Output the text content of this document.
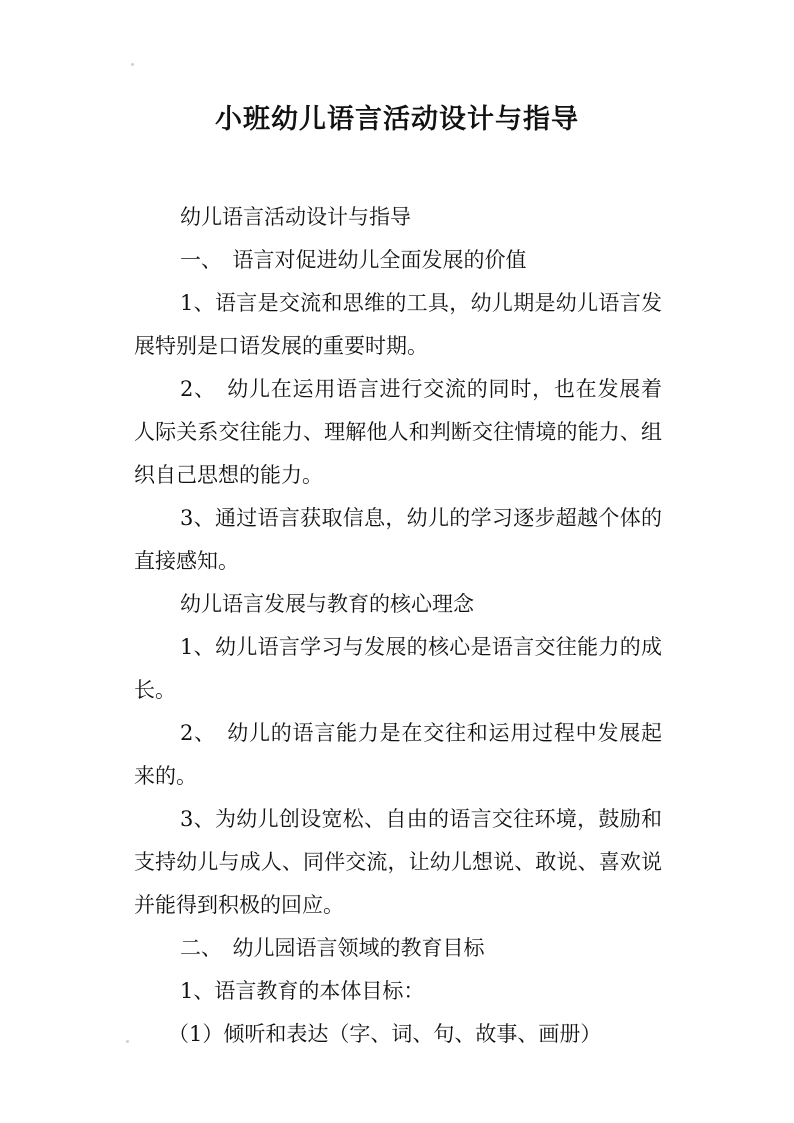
小班幼儿语言活动设计与指导

幼儿语言活动设计与指导

一、　语言对促进幼儿全面发展的价值

1、语言是交流和思维的工具，幼儿期是幼儿语言发展特别是口语发展的重要时期。

2、　幼儿在运用语言进行交流的同时，也在发展着人际关系交往能力、理解他人和判断交往情境的能力、组织自己思想的能力。

3、通过语言获取信息，幼儿的学习逐步超越个体的直接感知。

幼儿语言发展与教育的核心理念

1、幼儿语言学习与发展的核心是语言交往能力的成长。

2、　幼儿的语言能力是在交往和运用过程中发展起来的。

3、为幼儿创设宽松、自由的语言交往环境，鼓励和支持幼儿与成人、同伴交流，让幼儿想说、敢说、喜欢说并能得到积极的回应。

二、　幼儿园语言领域的教育目标

1、语言教育的本体目标：

（1）倾听和表达（字、词、句、故事、画册）
